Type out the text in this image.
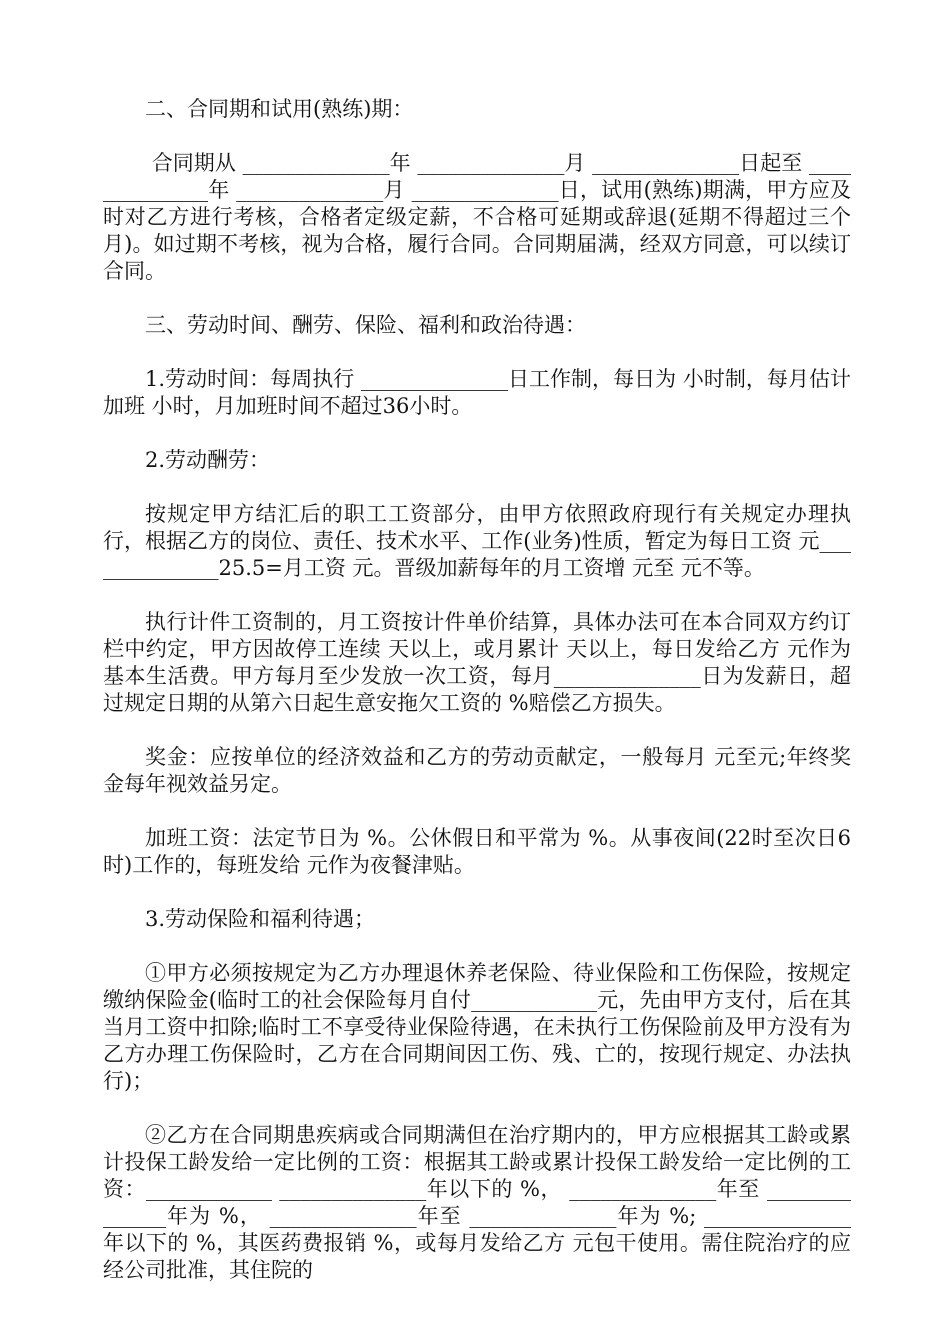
二、合同期和试用(熟练)期：

合同期从 ______________年 ______________月 ______________日起至 ______________年 ______________月 ______________日，试用(熟练)期满，甲方应及时对乙方进行考核，合格者定级定薪，不合格可延期或辞退(延期不得超过三个月)。如过期不考核，视为合格，履行合同。合同期届满，经双方同意，可以续订合同。

三、劳动时间、酬劳、保险、福利和政治待遇：

1.劳动时间：每周执行 ______________日工作制，每日为 小时制，每月估计加班 小时，月加班时间不超过36小时。

2.劳动酬劳：

按规定甲方结汇后的职工工资部分，由甲方依照政府现行有关规定办理执行，根据乙方的岗位、责任、技术水平、工作(业务)性质，暂定为每日工资 元______________25.5=月工资 元。晋级加薪每年的月工资增 元至 元不等。

执行计件工资制的，月工资按计件单价结算，具体办法可在本合同双方约订栏中约定，甲方因故停工连续 天以上，或月累计 天以上，每日发给乙方 元作为基本生活费。甲方每月至少发放一次工资，每月______________日为发薪日，超过规定日期的从第六日起生意安拖欠工资的 %赔偿乙方损失。

奖金：应按单位的经济效益和乙方的劳动贡献定，一般每月 元至元;年终奖金每年视效益另定。

加班工资：法定节日为 %。公休假日和平常为 %。从事夜间(22时至次日6时)工作的，每班发给 元作为夜餐津贴。

3.劳动保险和福利待遇；

①甲方必须按规定为乙方办理退休养老保险、待业保险和工伤保险，按规定缴纳保险金(临时工的社会保险每月自付____________元，先由甲方支付，后在其当月工资中扣除;临时工不享受待业保险待遇，在未执行工伤保险前及甲方没有为乙方办理工伤保险时，乙方在合同期间因工伤、残、亡的，按现行规定、办法执行)；

②乙方在合同期患疾病或合同期满但在治疗期内的，甲方应根据其工龄或累计投保工龄发给一定比例的工资：根据其工龄或累计投保工龄发给一定比例的工资：____________ ______________年以下的 %， ______________年至 ______________年为 %， ______________年至 ______________年为 %; ______________年以下的 %，其医药费报销 %，或每月发给乙方 元包干使用。需住院治疗的应经公司批准，其住院的
